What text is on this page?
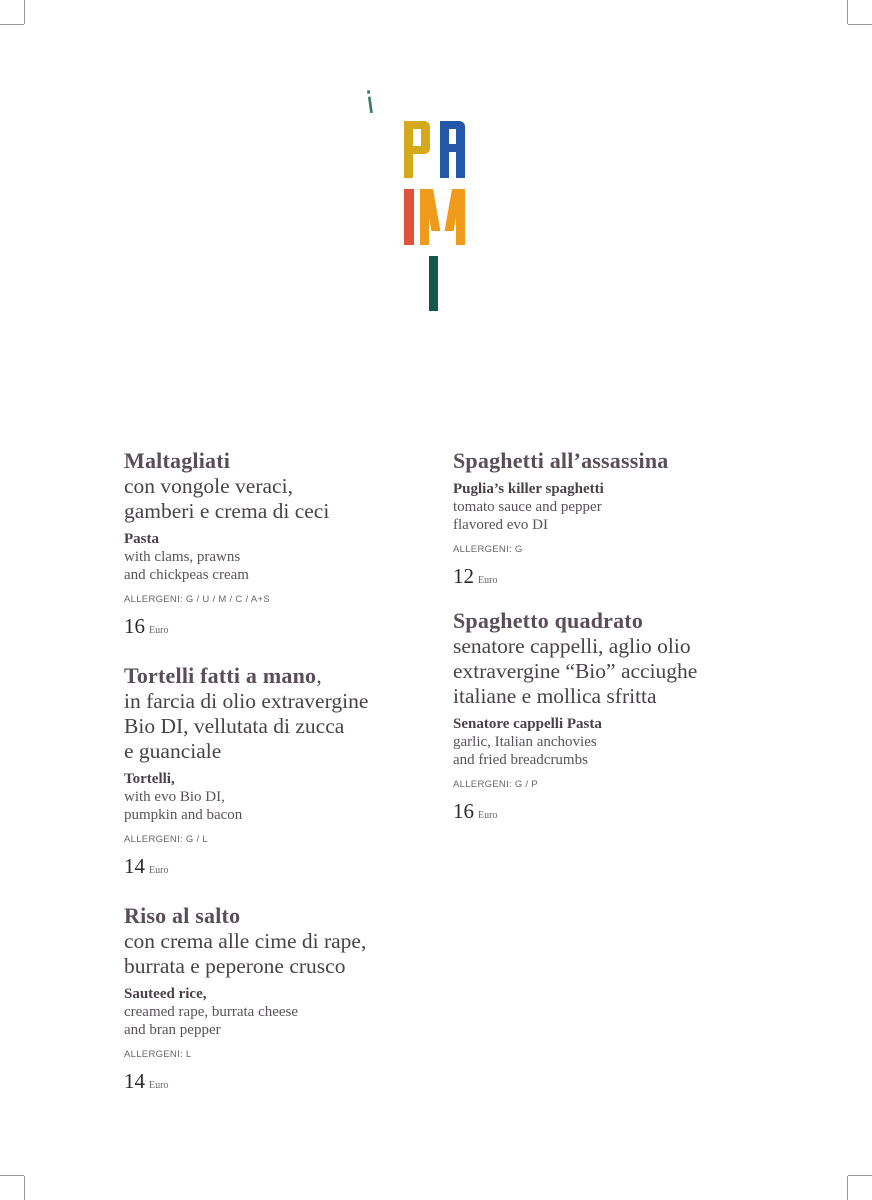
i
Maltagliati
con vongole veraci,
gamberi e crema di ceci
Pasta
with clams, prawns
and chickpeas cream
ALLERGENI: G / U / M / C / A+S
16 Euro
Tortelli fatti a mano,
in farcia di olio extravergine
Bio DI, vellutata di zucca
e guanciale
Tortelli,
with evo Bio DI,
pumpkin and bacon
ALLERGENI: G / L
14 Euro
Riso al salto
con crema alle cime di rape,
burrata e peperone crusco
Sauteed rice,
creamed rape, burrata cheese
and bran pepper
ALLERGENI: L
14 Euro
Spaghetti all’assassina
Puglia’s killer spaghetti
tomato sauce and pepper
flavored evo DI
ALLERGENI: G
12 Euro
Spaghetto quadrato
senatore cappelli, aglio olio
extravergine “Bio” acciughe
italiane e mollica sfritta
Senatore cappelli Pasta
garlic, Italian anchovies
and fried breadcrumbs
ALLERGENI: G / P
16 Euro
